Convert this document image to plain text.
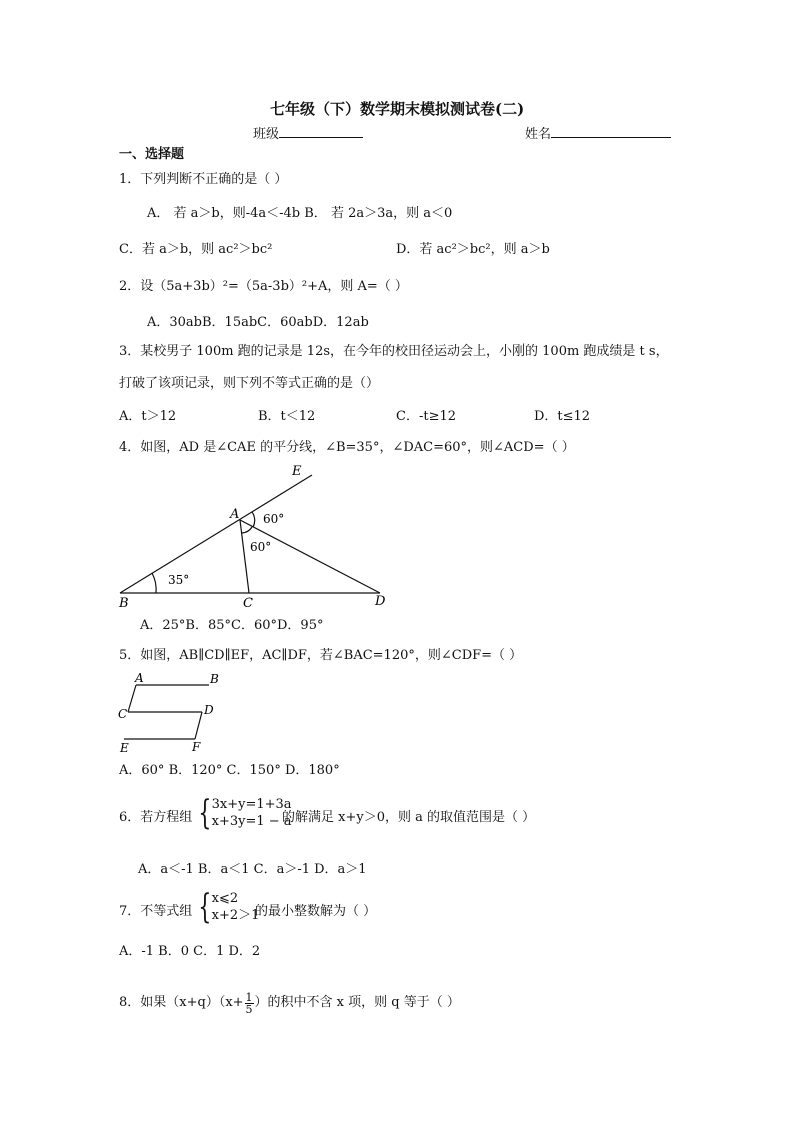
七年级（下）数学期末模拟测试卷(二)
班级	姓名
一、选择题
1．下列判断不正确的是（ ）
A． 若 a＞b，则-4a＜-4b B． 若 2a＞3a，则 a＜0
C．若 a＞b，则 ac²＞bc²	D．若 ac²＞bc²，则 a＞b
2．设（5a+3b）²=（5a-3b）²+A，则 A=（ ）
A．30abB．15abC．60abD．12ab
3．某校男子 100m 跑的记录是 12s，在今年的校田径运动会上，小刚的 100m 跑成绩是 t s，
打破了该项记录，则下列不等式正确的是（）
A．t＞12	B．t＜12	C．-t≥12	D．t≤12
4．如图，AD 是∠CAE 的平分线，∠B=35°，∠DAC=60°，则∠ACD=（ ）
E
A
B	C	D
60°
60°
35°
A．25°B．85°C．60°D．95°
5．如图，AB∥CD∥EF，AC∥DF，若∠BAC=120°，则∠CDF=（ ）
A	B
C	D
E	F
A．60° B．120° C．150° D．180°
6．若方程组 { 3x+y=1+3a
x+3y=1 − a
的解满足 x+y＞0，则 a 的取值范围是（ ）
A．a＜-1 B．a＜1 C．a＞-1 D．a＞1
7．不等式组 { x⩽2
x+2＞1
的最小整数解为（ ）
A．-1 B．0 C．1 D．2
8．如果$(x+q)(x+ \frac{1}{5}$ ）的积中不含 x 项，则 q 等于（ ）
